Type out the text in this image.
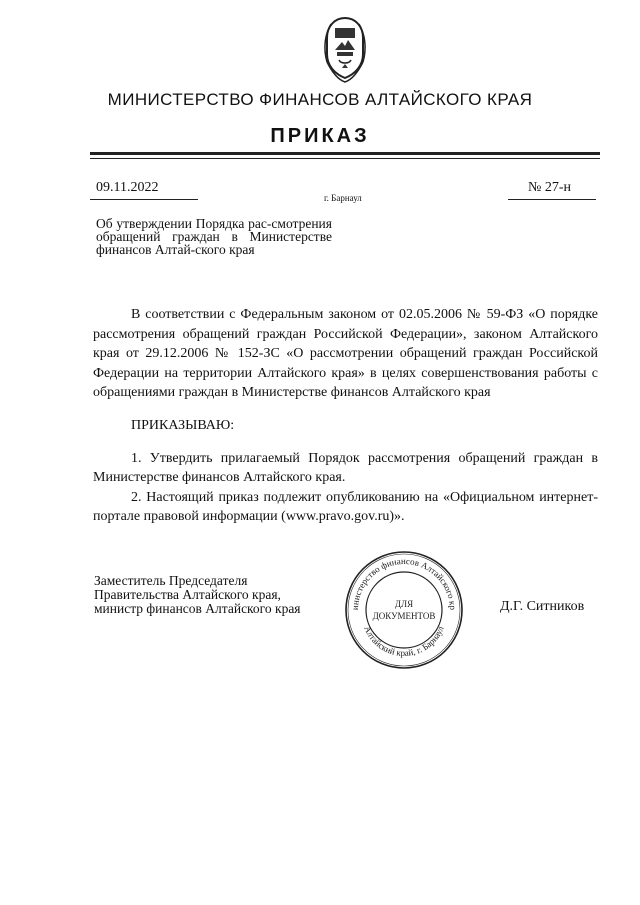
МИНИСТЕРСТВО ФИНАНСОВ АЛТАЙСКОГО КРАЯ
ПРИКАЗ
09.11.2022
г. Барнаул
№ 27-н
Об утверждении Порядка рас-смотрения обращений граждан в Министерстве финансов Алтай-ского края

В соответствии с Федеральным законом от 02.05.2006 № 59-ФЗ «О порядке рассмотрения обращений граждан Российской Федерации», законом Алтайского края от 29.12.2006 № 152-ЗС «О рассмотрении обращений граждан Российской Федерации на территории Алтайского края» в целях совершенствования работы с обращениями граждан в Министерстве финансов Алтайского края

ПРИКАЗЫВАЮ:

1. Утвердить прилагаемый Порядок рассмотрения обращений граждан в Министерстве финансов Алтайского края.

2. Настоящий приказ подлежит опубликованию на «Официальном интернет-портале правовой информации (www.pravo.gov.ru)».

Заместитель Председателя
Правительства Алтайского края,
министр финансов Алтайского края	инистерство финансов Алтайского кр
Алтайский край, г. Барнаул
ДЛЯ
ДОКУМЕНТОВ
Д.Г. Ситников
